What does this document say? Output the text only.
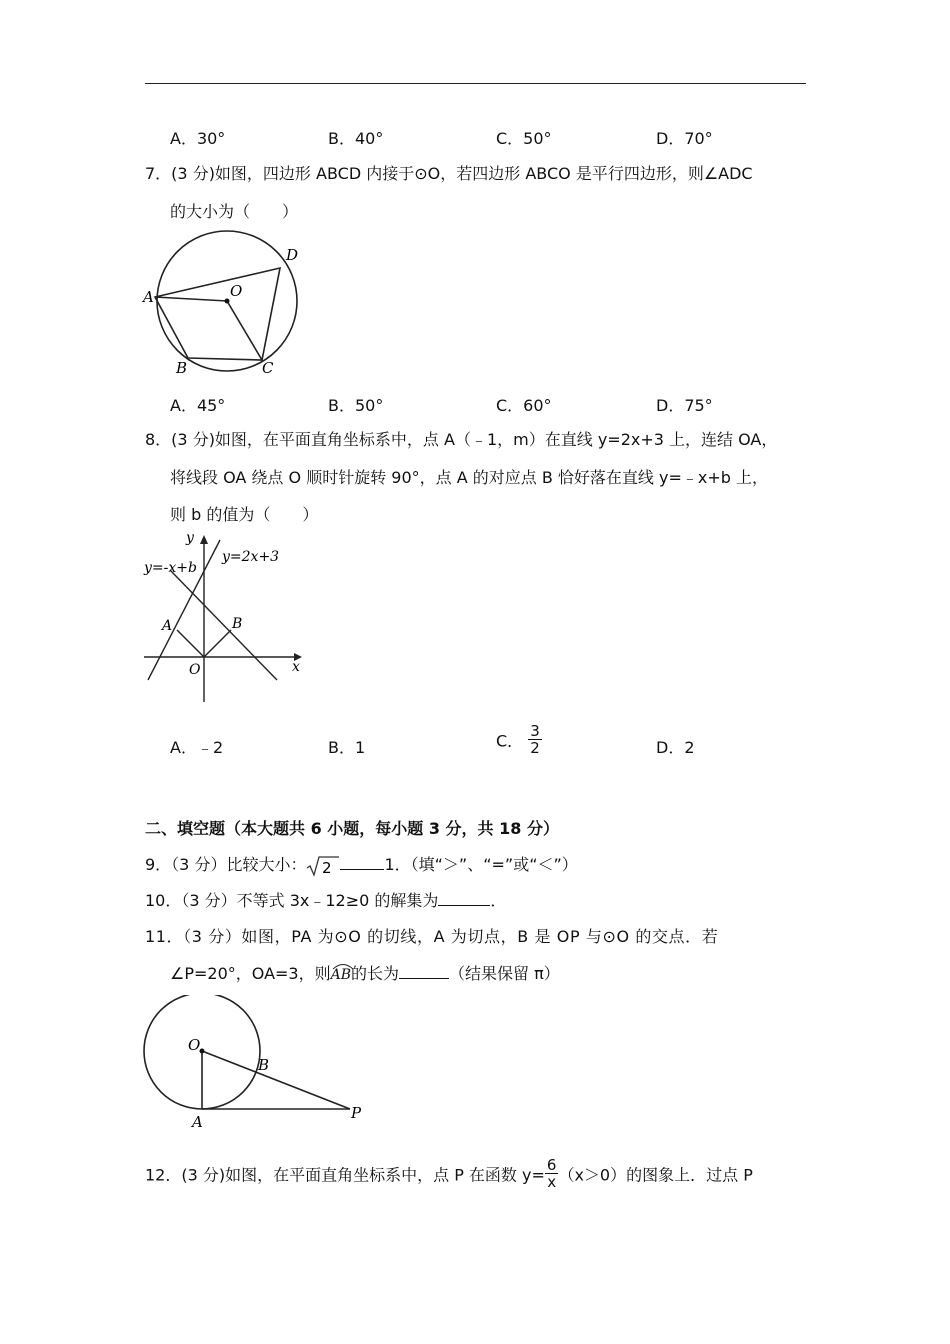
A．30°	B．40°	C．50°	D．70°
7．(3 分)如图，四边形 ABCD 内接于⊙O，若四边形 ABCO 是平行四边形，则∠ADC
的大小为（　　）
A
B	C
D
O
A．45°	B．50°	C．60°	D．75°
8．(3 分)如图，在平面直角坐标系中，点 A（﹣1，m）在直线 y=2x+3 上，连结 OA，
将线段 OA 绕点 O 顺时针旋转 90°，点 A 的对应点 B 恰好落在直线 y=﹣x+b 上，
则 b 的值为（　　）
y
x
y=-x+b
y=2x+3
A	B
O
A．﹣2	B．1	C． $\frac{3}{2}$	D．2
二、填空题（本大题共 6 小题，每小题 3 分，共 18 分）
9．（3 分）比较大小： 2	1．（填“＞”、“=”或“＜”）
10．（3 分）不等式 3x﹣12≥0 的解集为	．
11．（3 分）如图，PA 为⊙O 的切线，A 为切点，B 是 OP 与⊙O 的交点．若
∠P=20°，OA=3，则
AB的长为	（结果保留 π）
O
A
B
P
12．(3 分)如图，在平面直角坐标系中，点 P 在函数 $y= \frac{6}{x} (x>0)$的图象上．过点 P
